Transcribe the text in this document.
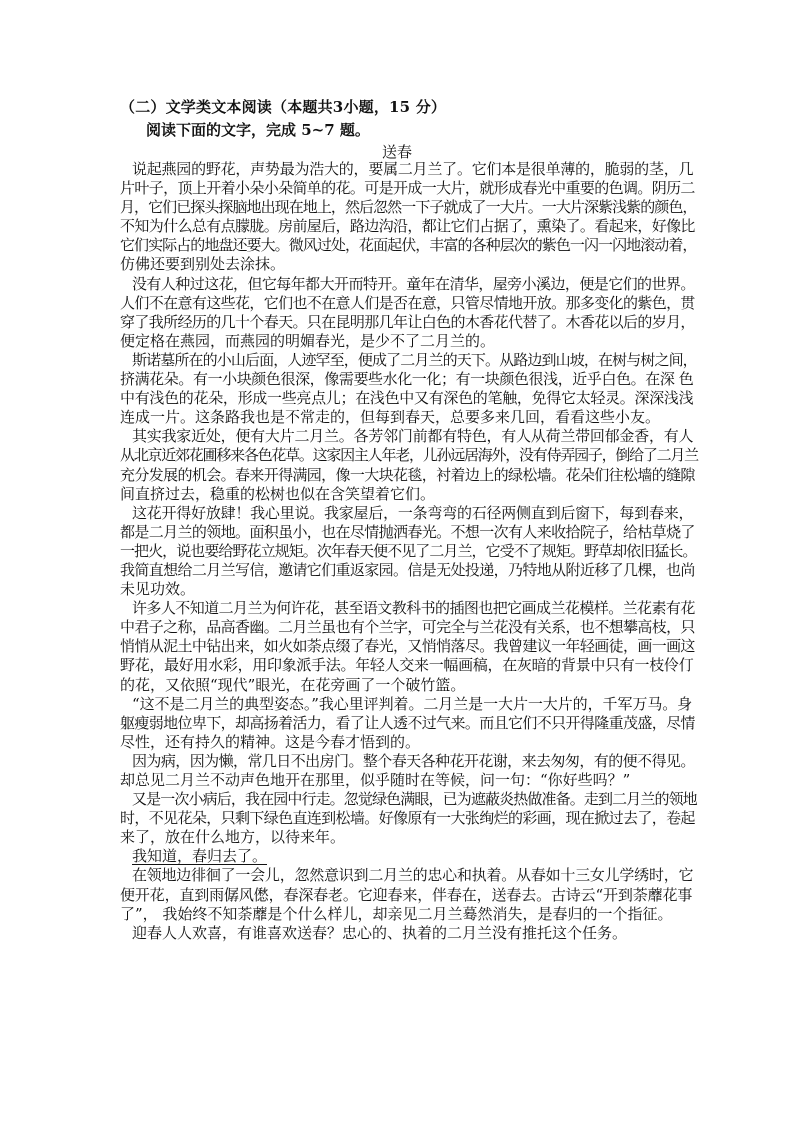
（二）文学类文本阅读（本题共3小题，15 分）
阅读下面的文字，完成 5~7 题。
送春
说起燕园的野花，声势最为浩大的，要属二月兰了。它们本是很单薄的，脆弱的茎，几
片叶子，顶上开着小朵小朵简单的花。可是开成一大片，就形成春光中重要的色调。阴历二
月，它们已探头探脑地出现在地上，然后忽然一下子就成了一大片。一大片深紫浅紫的颜色，
不知为什么总有点朦胧。房前屋后，路边沟沿，都让它们占据了，熏染了。看起来，好像比
它们实际占的地盘还要大。微风过处，花面起伏，丰富的各种层次的紫色一闪一闪地滚动着，
仿佛还要到别处去涂抹。
没有人种过这花，但它每年都大开而特开。童年在清华，屋旁小溪边，便是它们的世界。
人们不在意有这些花，它们也不在意人们是否在意，只管尽情地开放。那多变化的紫色，贯
穿了我所经历的几十个春天。只在昆明那几年让白色的木香花代替了。木香花以后的岁月，
便定格在燕园，而燕园的明媚春光，是少不了二月兰的。
斯诺墓所在的小山后面，人迹罕至，便成了二月兰的天下。从路边到山坡，在树与树之间，
挤满花朵。有一小块颜色很深，像需要些水化一化；有一块颜色很浅，近乎白色。在深 色
中有浅色的花朵，形成一些亮点儿；在浅色中又有深色的笔触，免得它太轻灵。深深浅浅
连成一片。这条路我也是不常走的，但每到春天，总要多来几回，看看这些小友。
其实我家近处，便有大片二月兰。各芳邻门前都有特色，有人从荷兰带回郁金香，有人
从北京近郊花圃移来各色花草。这家因主人年老，儿孙远居海外，没有侍弄园子，倒给了二月兰
充分发展的机会。春来开得满园，像一大块花毯，衬着边上的绿松墙。花朵们往松墙的缝隙
间直挤过去，稳重的松树也似在含笑望着它们。
这花开得好放肆！我心里说。我家屋后，一条弯弯的石径两侧直到后窗下，每到春来，
都是二月兰的领地。面积虽小，也在尽情抛洒春光。不想一次有人来收拾院子，给枯草烧了
一把火，说也要给野花立规矩。次年春天便不见了二月兰，它受不了规矩。野草却依旧猛长。
我简直想给二月兰写信，邀请它们重返家园。信是无处投递，乃特地从附近移了几棵，也尚
未见功效。
许多人不知道二月兰为何许花，甚至语文教科书的插图也把它画成兰花模样。兰花素有花
中君子之称，品高香幽。二月兰虽也有个兰字，可完全与兰花没有关系，也不想攀高枝，只
悄悄从泥土中钻出来，如火如荼点缀了春光，又悄悄落尽。我曾建议一年轻画徒，画一画这
野花，最好用水彩，用印象派手法。年轻人交来一幅画稿，在灰暗的背景中只有一枝伶仃
的花，又依照“现代”眼光，在花旁画了一个破竹篮。
“这不是二月兰的典型姿态。”我心里评判着。二月兰是一大片一大片的，千军万马。身
躯瘦弱地位卑下，却高扬着活力，看了让人透不过气来。而且它们不只开得隆重茂盛，尽情
尽性，还有持久的精神。这是今春才悟到的。
因为病，因为懒，常几日不出房门。整个春天各种花开花谢，来去匆匆，有的便不得见。
却总见二月兰不动声色地开在那里，似乎随时在等候，问一句：“你好些吗？”
又是一次小病后，我在园中行走。忽觉绿色满眼，已为遮蔽炎热做准备。走到二月兰的领地
时，不见花朵，只剩下绿色直连到松墙。好像原有一大张绚烂的彩画，现在掀过去了，卷起
来了，放在什么地方，以待来年。
我知道，春归去了。
在领地边徘徊了一会儿，忽然意识到二月兰的忠心和执着。从春如十三女儿学绣时，它
便开花，直到雨僝风僽，春深春老。它迎春来，伴春在，送春去。古诗云“开到荼蘼花事
了”， 我始终不知荼蘼是个什么样儿，却亲见二月兰蓦然消失，是春归的一个指征。
迎春人人欢喜，有谁喜欢送春？忠心的、执着的二月兰没有推托这个任务。
